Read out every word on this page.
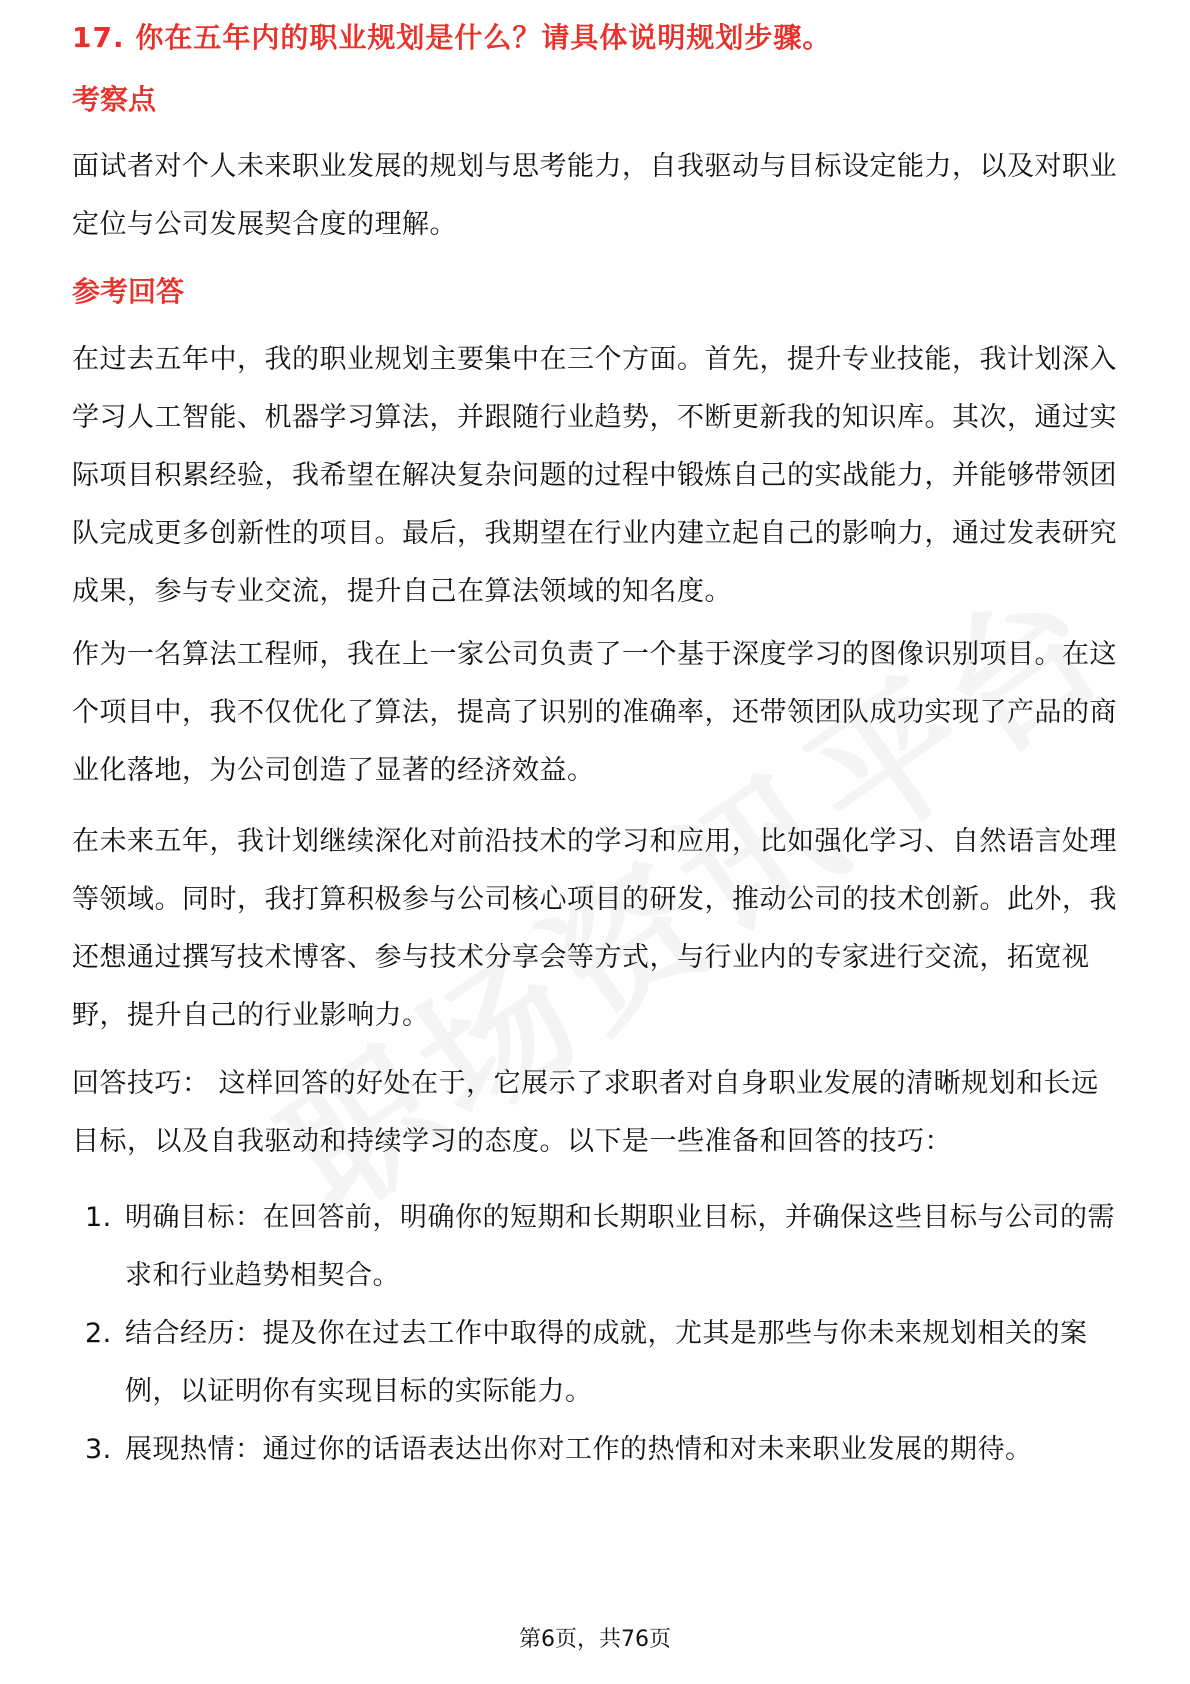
17. 你在五年内的职业规划是什么？请具体说明规划步骤。
考察点

面试者对个人未来职业发展的规划与思考能力，自我驱动与目标设定能力，以及对职业定位与公司发展契合度的理解。

参考回答

在过去五年中，我的职业规划主要集中在三个方面。首先，提升专业技能，我计划深入学习人工智能、机器学习算法，并跟随行业趋势，不断更新我的知识库。其次，通过实际项目积累经验，我希望在解决复杂问题的过程中锻炼自己的实战能力，并能够带领团队完成更多创新性的项目。最后，我期望在行业内建立起自己的影响力，通过发表研究成果，参与专业交流，提升自己在算法领域的知名度。

作为一名算法工程师，我在上一家公司负责了一个基于深度学习的图像识别项目。在这个项目中，我不仅优化了算法，提高了识别的准确率，还带领团队成功实现了产品的商业化落地，为公司创造了显著的经济效益。

在未来五年，我计划继续深化对前沿技术的学习和应用，比如强化学习、自然语言处理等领域。同时，我打算积极参与公司核心项目的研发，推动公司的技术创新。此外，我还想通过撰写技术博客、参与技术分享会等方式，与行业内的专家进行交流，拓宽视野，提升自己的行业影响力。

回答技巧： 这样回答的好处在于，它展示了求职者对自身职业发展的清晰规划和长远目标，以及自我驱动和持续学习的态度。以下是一些准备和回答的技巧：

1. 明确目标：在回答前，明确你的短期和长期职业目标，并确保这些目标与公司的需求和行业趋势相契合。
2. 结合经历：提及你在过去工作中取得的成就，尤其是那些与你未来规划相关的案例，以证明你有实现目标的实际能力。
3. 展现热情：通过你的话语表达出你对工作的热情和对未来职业发展的期待。
第6页，共76页
